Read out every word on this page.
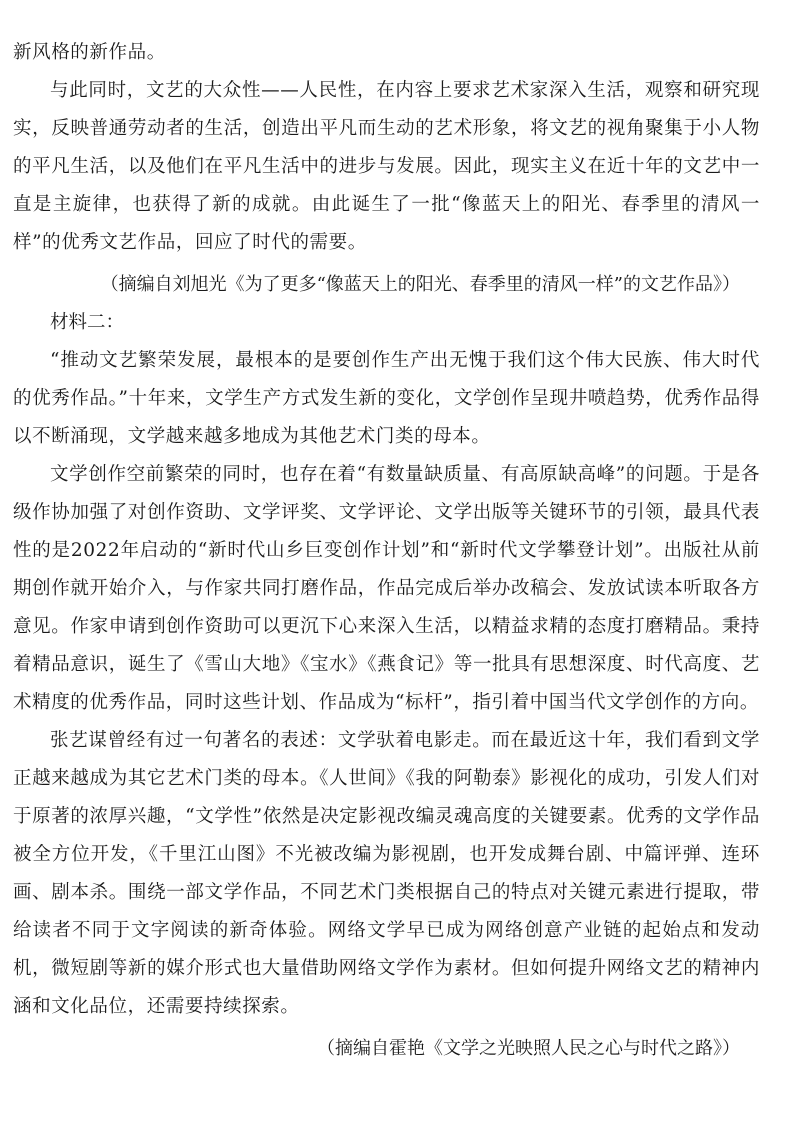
新风格的新作品。

与此同时，文艺的大众性——人民性，在内容上要求艺术家深入生活，观察和研究现实，反映普通劳动者的生活，创造出平凡而生动的艺术形象，将文艺的视角聚集于小人物的平凡生活，以及他们在平凡生活中的进步与发展。因此，现实主义在近十年的文艺中一直是主旋律，也获得了新的成就。由此诞生了一批“像蓝天上的阳光、春季里的清风一样”的优秀文艺作品，回应了时代的需要。

（摘编自刘旭光《为了更多“像蓝天上的阳光、春季里的清风一样”的文艺作品》）

材料二：

“推动文艺繁荣发展，最根本的是要创作生产出无愧于我们这个伟大民族、伟大时代的优秀作品。”十年来，文学生产方式发生新的变化，文学创作呈现井喷趋势，优秀作品得以不断涌现，文学越来越多地成为其他艺术门类的母本。

文学创作空前繁荣的同时，也存在着“有数量缺质量、有高原缺高峰”的问题。于是各级作协加强了对创作资助、文学评奖、文学评论、文学出版等关键环节的引领，最具代表性的是2022年启动的“新时代山乡巨变创作计划”和“新时代文学攀登计划”。出版社从前期创作就开始介入，与作家共同打磨作品，作品完成后举办改稿会、发放试读本听取各方意见。作家申请到创作资助可以更沉下心来深入生活，以精益求精的态度打磨精品。秉持着精品意识，诞生了《雪山大地》《宝水》《燕食记》等一批具有思想深度、时代高度、艺术精度的优秀作品，同时这些计划、作品成为“标杆”，指引着中国当代文学创作的方向。

张艺谋曾经有过一句著名的表述：文学驮着电影走。而在最近这十年，我们看到文学正越来越成为其它艺术门类的母本。《人世间》《我的阿勒泰》影视化的成功，引发人们对于原著的浓厚兴趣，“文学性”依然是决定影视改编灵魂高度的关键要素。优秀的文学作品被全方位开发，《千里江山图》不光被改编为影视剧，也开发成舞台剧、中篇评弹、连环画、剧本杀。围绕一部文学作品，不同艺术门类根据自己的特点对关键元素进行提取，带给读者不同于文字阅读的新奇体验。网络文学早已成为网络创意产业链的起始点和发动机，微短剧等新的媒介形式也大量借助网络文学作为素材。但如何提升网络文艺的精神内涵和文化品位，还需要持续探索。

（摘编自霍艳《文学之光映照人民之心与时代之路》）
